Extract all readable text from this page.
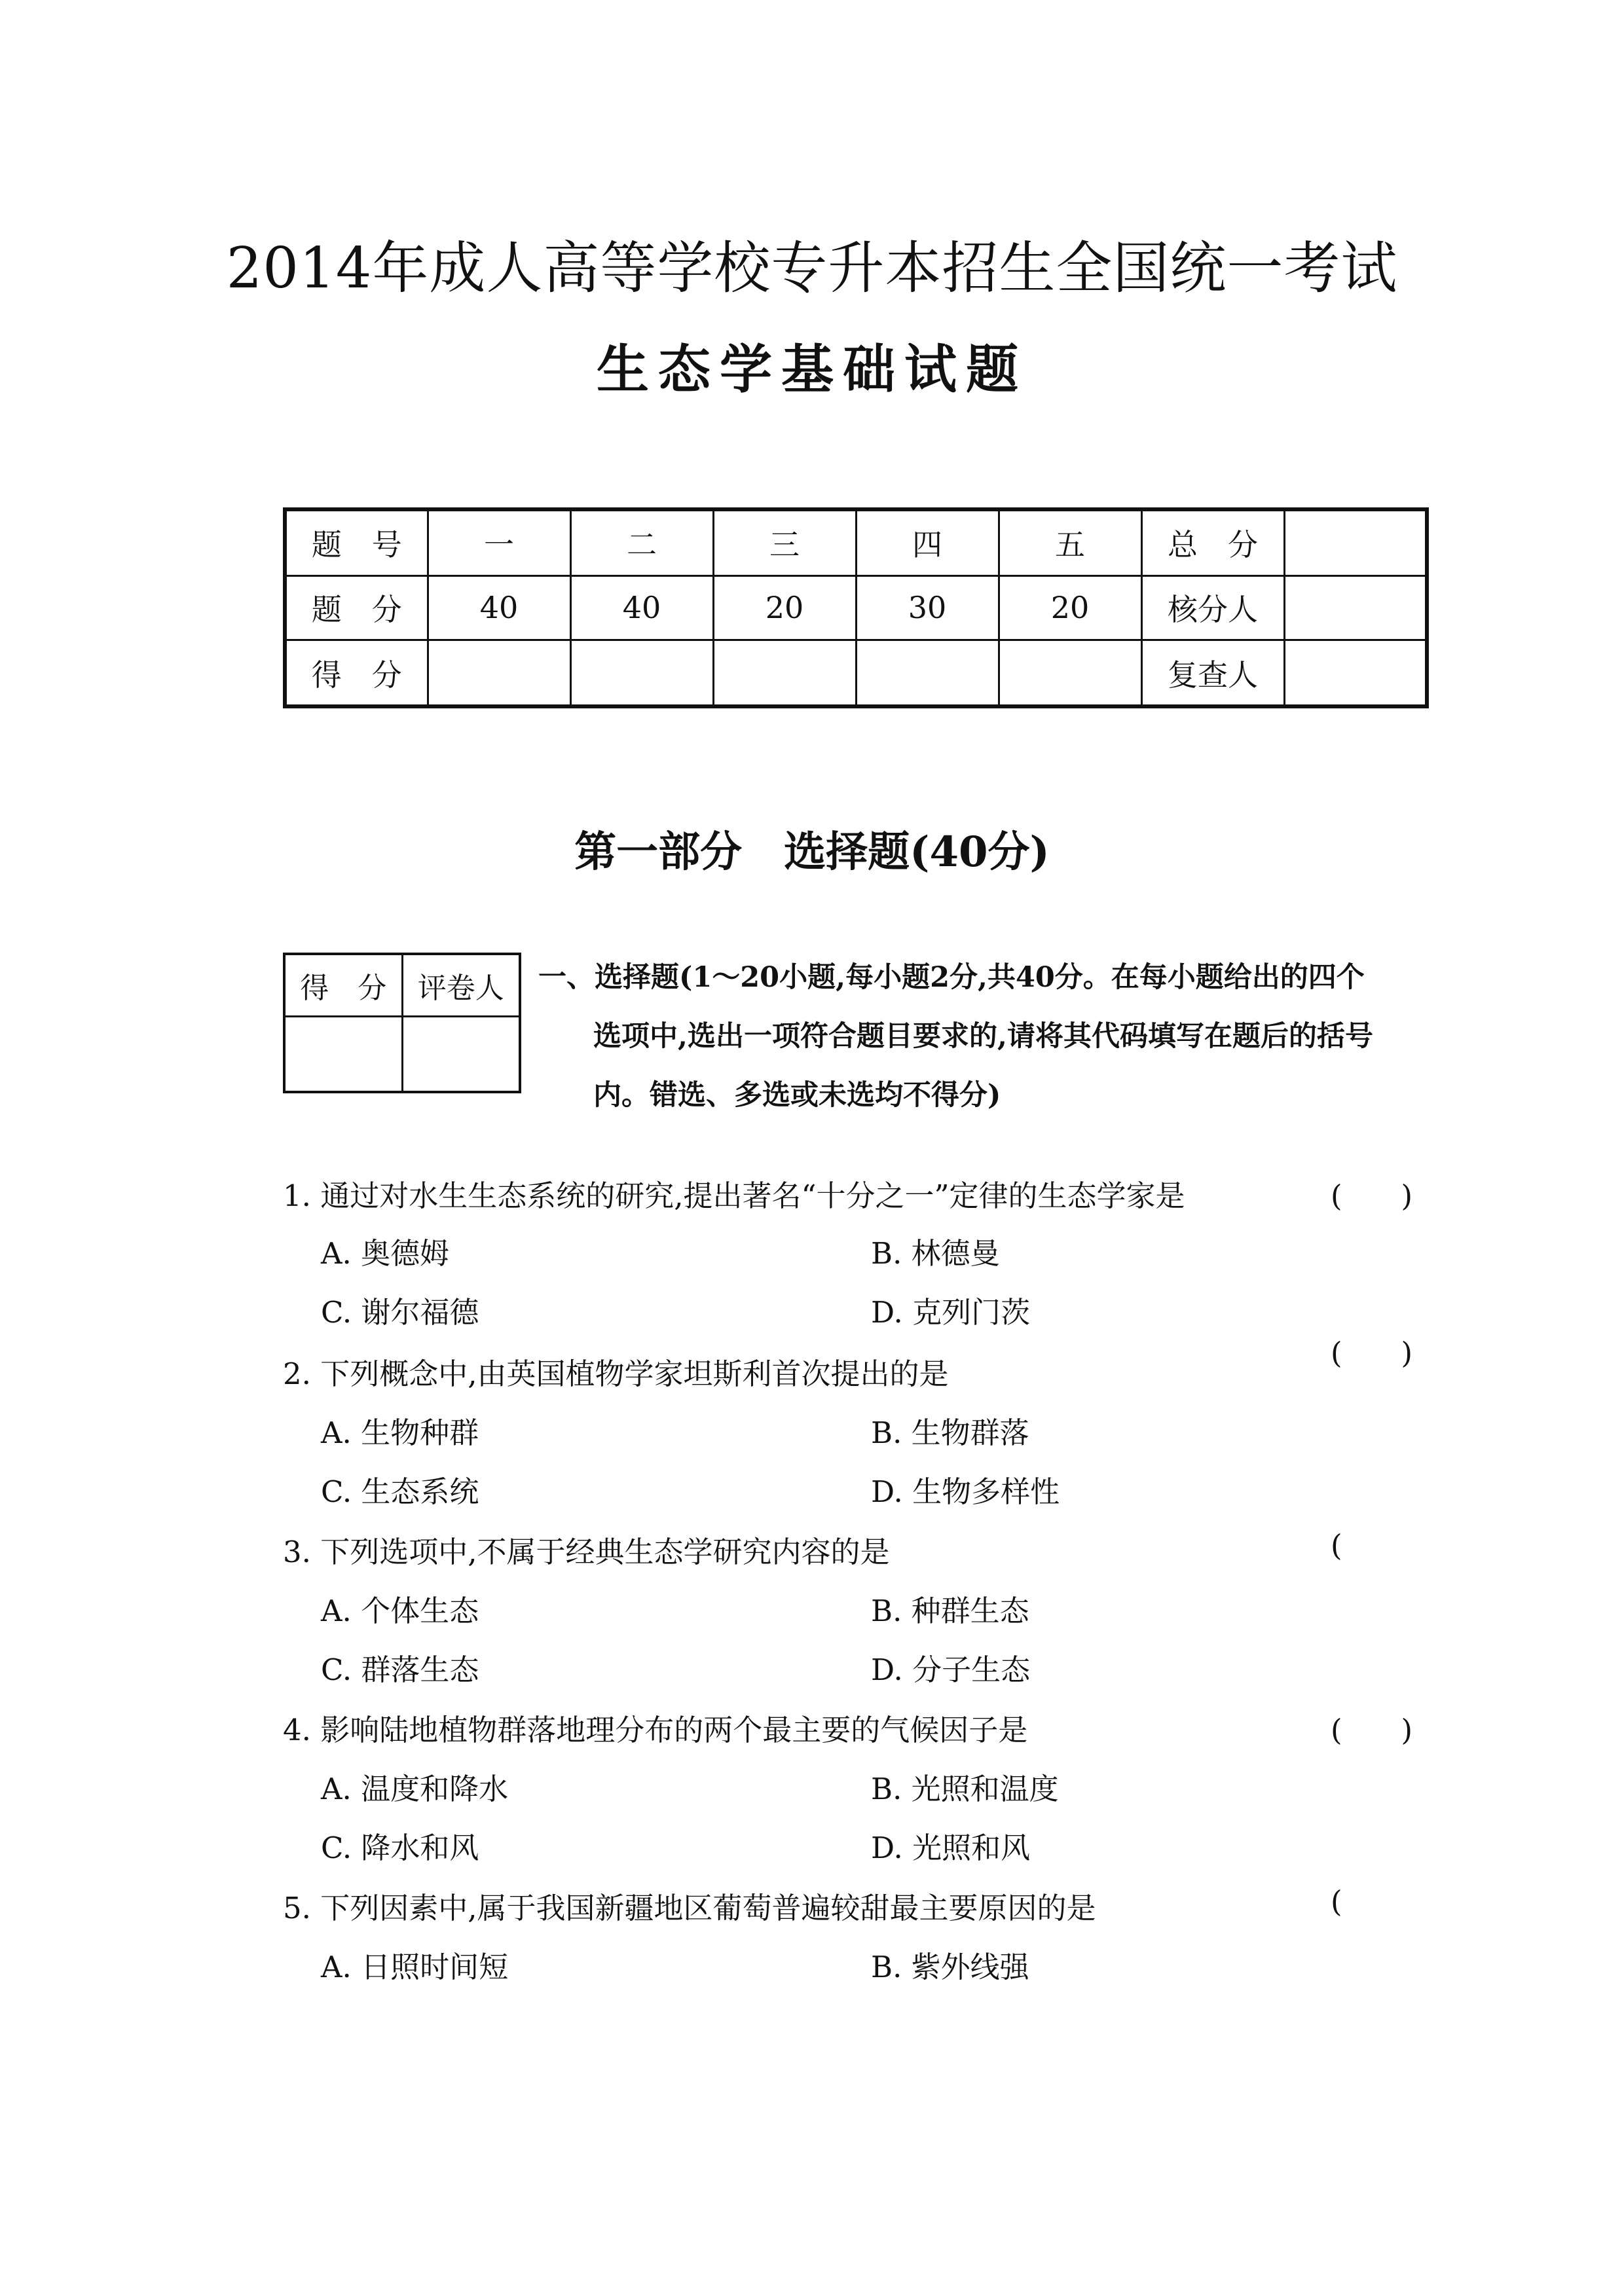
2014年成人高等学校专升本招生全国统一考试
生态学基础试题
题　号	一	二	三	四	五	总　分	
题　分	40	40	20	30	20	核分人	
得　分						复查人	
第一部分　选择题(40分)
得　分	评卷人
	一、选择题(1～20小题,每小题2分,共40分。在每小题给出的四个
选项中,选出一项符合题目要求的,请将其代码填写在题后的括号
内。错选、多选或未选均不得分)
1. 通过对水生生态系统的研究,提出著名“十分之一”定律的生态学家是	(　　)
A. 奥德姆	B. 林德曼
C. 谢尔福德	D. 克列门茨
2. 下列概念中,由英国植物学家坦斯利首次提出的是
(　　)
A. 生物种群	B. 生物群落
C. 生态系统	D. 生物多样性
3. 下列选项中,不属于经典生态学研究内容的是	(
A. 个体生态	B. 种群生态
C. 群落生态	D. 分子生态
4. 影响陆地植物群落地理分布的两个最主要的气候因子是	(　　)
A. 温度和降水	B. 光照和温度
C. 降水和风	D. 光照和风
5. 下列因素中,属于我国新疆地区葡萄普遍较甜最主要原因的是	(
A. 日照时间短	B. 紫外线强
